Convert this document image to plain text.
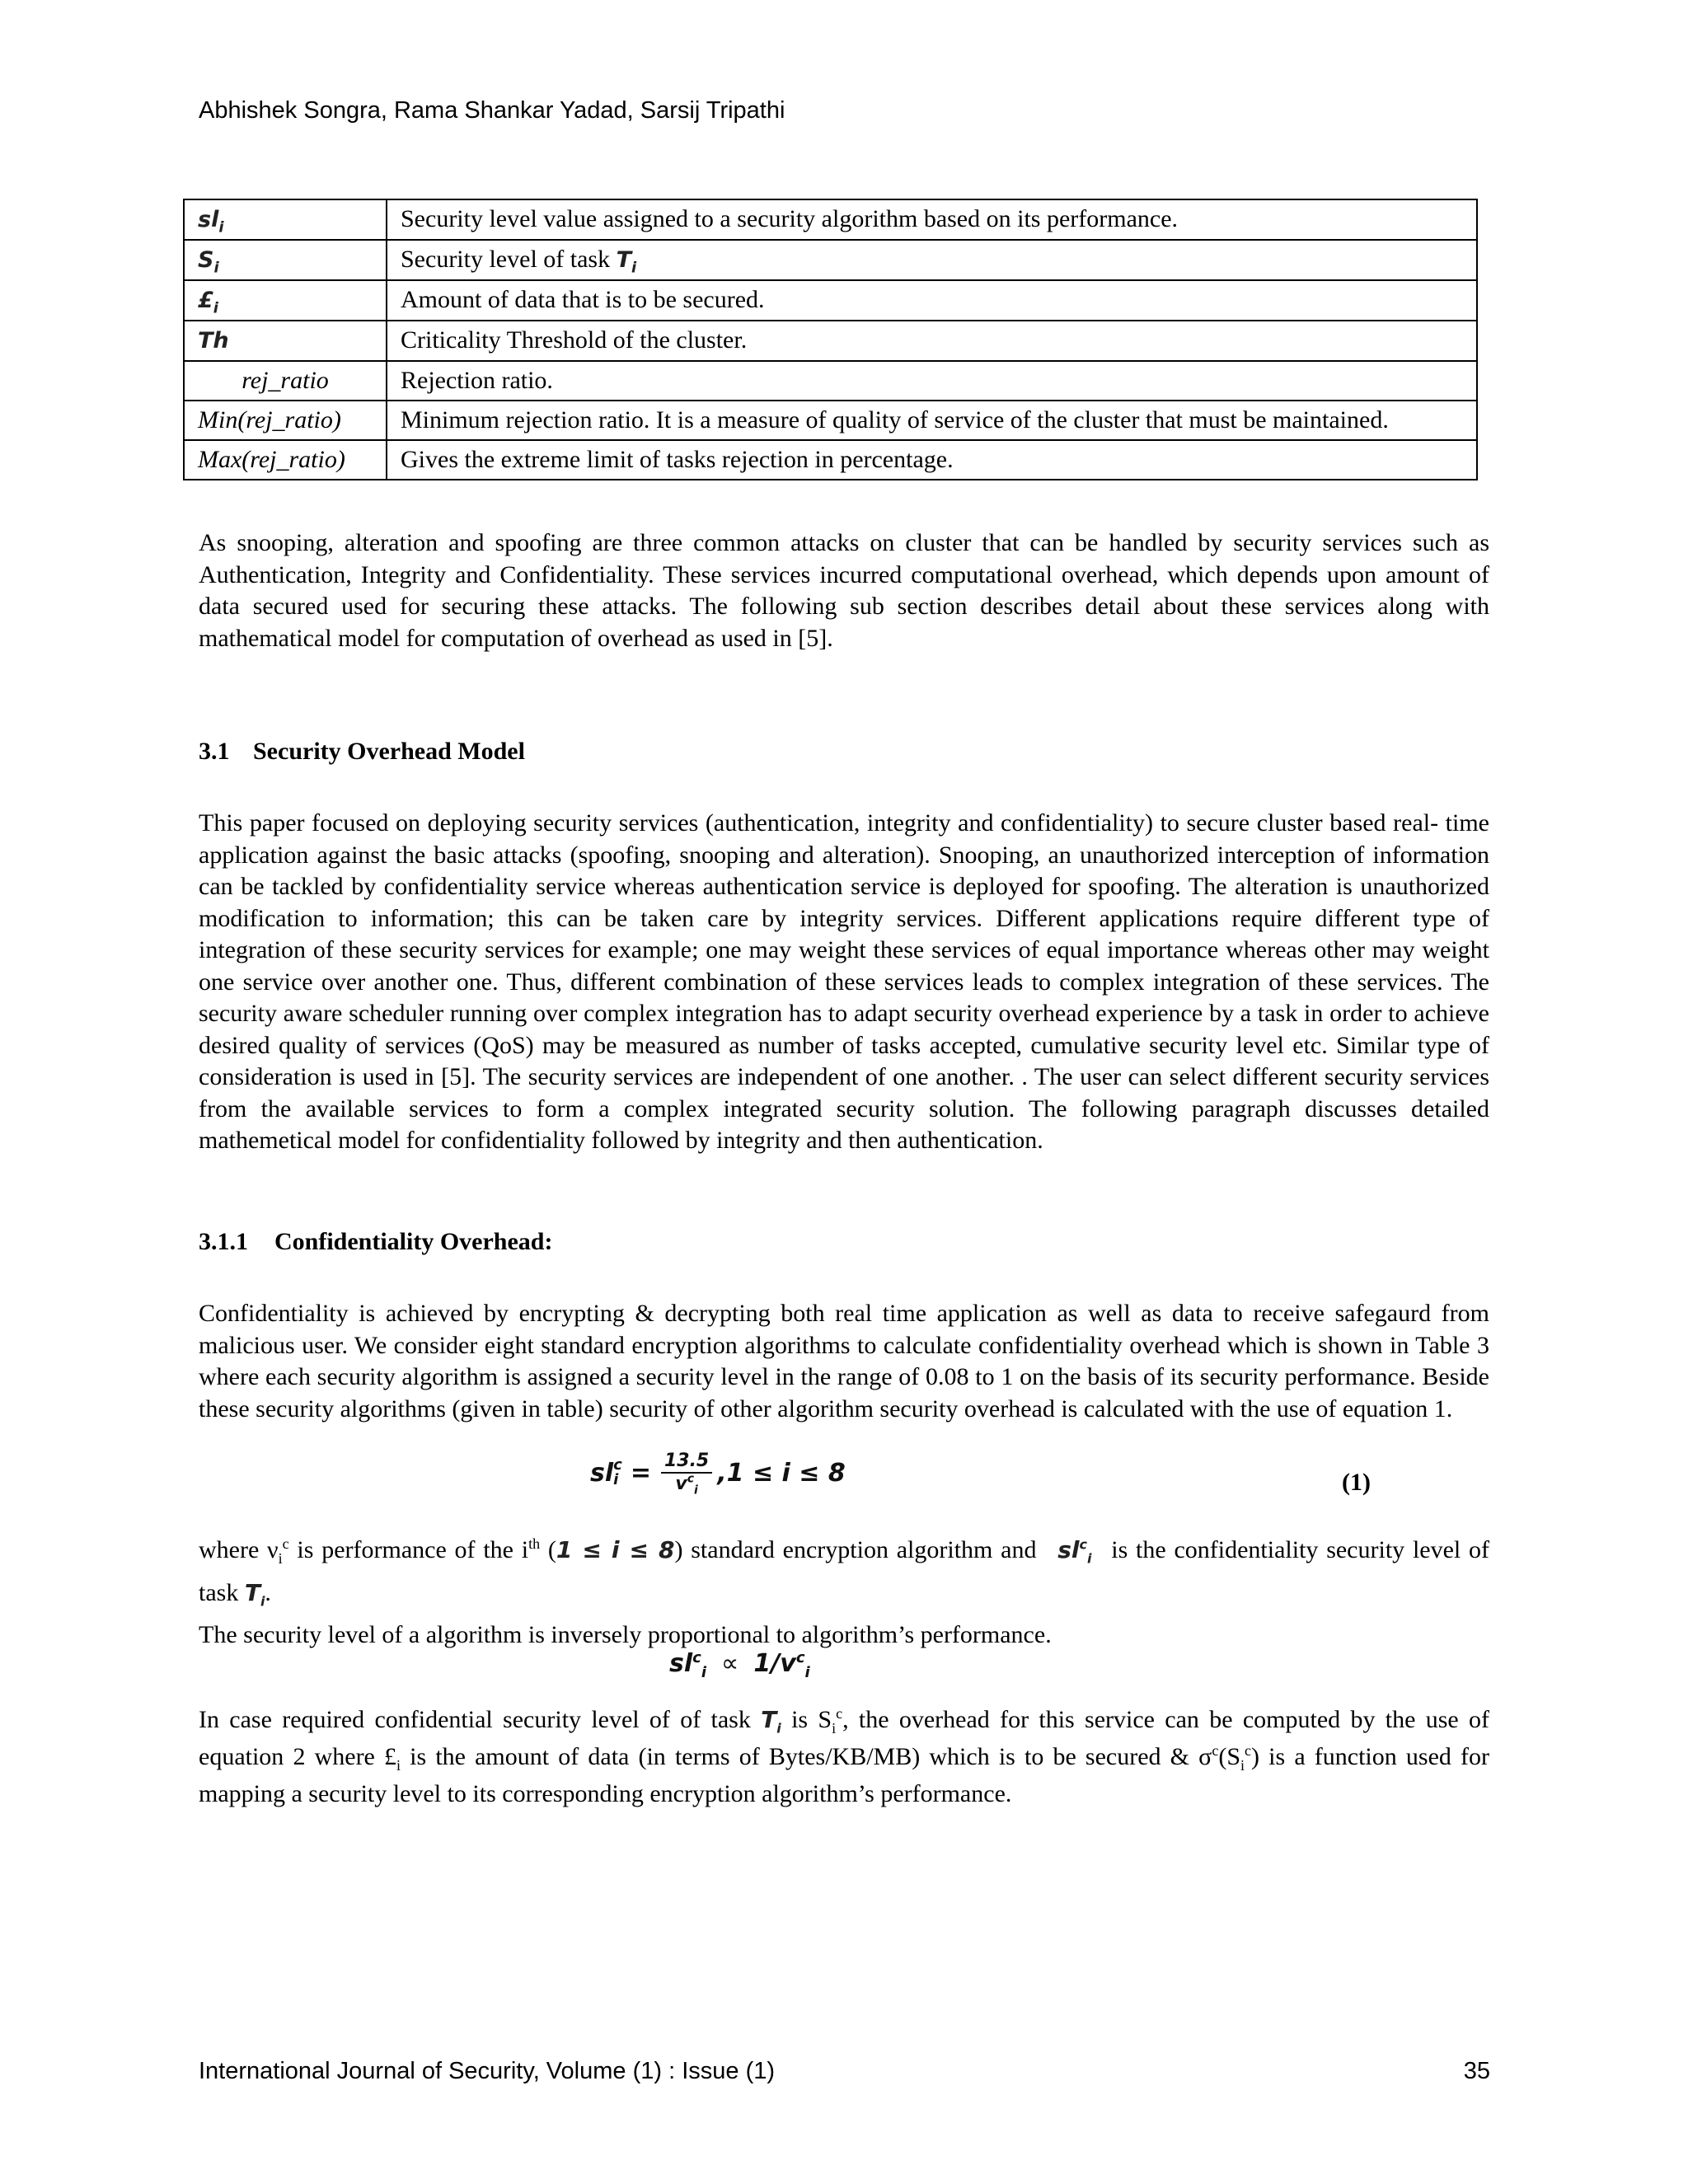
Abhishek Songra, Rama Shankar Yadad, Sarsij Tripathi
$sl_i$	Security level value assigned to a security algorithm based on its performance.
$S_i$	Security level of task $T_i$
$£_i$	Amount of data that is to be secured.
Th	Criticality Threshold of the cluster.
rej_ratio	Rejection ratio.
Min(rej_ratio)	Minimum rejection ratio. It is a measure of quality of service of the cluster that must be maintained.
Max(rej_ratio)	Gives the extreme limit of tasks rejection in percentage.
As snooping, alteration and spoofing are three common attacks on cluster that can be handled by security services such as Authentication, Integrity and Confidentiality. These services incurred computational overhead, which depends upon amount of data secured used for securing these attacks. The following sub section describes detail about these services along with mathematical model for computation of overhead as used in [5].
3.1 Security Overhead Model
This paper focused on deploying security services (authentication, integrity and confidentiality) to secure cluster based real- time application against the basic attacks (spoofing, snooping and alteration). Snooping, an unauthorized interception of information can be tackled by confidentiality service whereas authentication service is deployed for spoofing. The alteration is unauthorized modification to information; this can be taken care by integrity services. Different applications require different type of integration of these security services for example; one may weight these services of equal importance whereas other may weight one service over another one. Thus, different combination of these services leads to complex integration of these services. The security aware scheduler running over complex integration has to adapt security overhead experience by a task in order to achieve desired quality of services (QoS) may be measured as number of tasks accepted, cumulative security level etc. Similar type of consideration is used in [5]. The security services are independent of one another. . The user can select different security services from the available services to form a complex integrated security solution. The following paragraph discusses detailed mathemetical model for confidentiality followed by integrity and then authentication.
3.1.1 Confidentiality Overhead:
Confidentiality is achieved by encrypting & decrypting both real time application as well as data to receive safegaurd from malicious user. We consider eight standard encryption algorithms to calculate confidentiality overhead which is shown in Table 3 where each security algorithm is assigned a security level in the range of 0.08 to 1 on the basis of its security performance. Beside these security algorithms (given in table) security of other algorithm security overhead is calculated with the use of equation 1.
sl c
$i = \frac{13.5}{v^c_i} ,1 \le i \le 8$	(1)
where $\nu_i^c$ is performance of the $i^{th}$ (1 ≤ i ≤ 8) standard encryption algorithm and $sl^c_i$ is the confidentiality security level of task $T_i$.
The security level of a algorithm is inversely proportional to algorithm’s performance.
$sl^c_i \propto 1/v^c_i$
In case required confidential security level of of task $T_i$ is $S_i^c$, the overhead for this service can be computed by the use of equation 2 where $£_i$ is the amount of data (in terms of Bytes/KB/MB) which is to be secured & $\sigma^c(S_i^c)$ is a function used for mapping a security level to its corresponding encryption algorithm’s performance.
International Journal of Security, Volume (1) : Issue (1)	35
